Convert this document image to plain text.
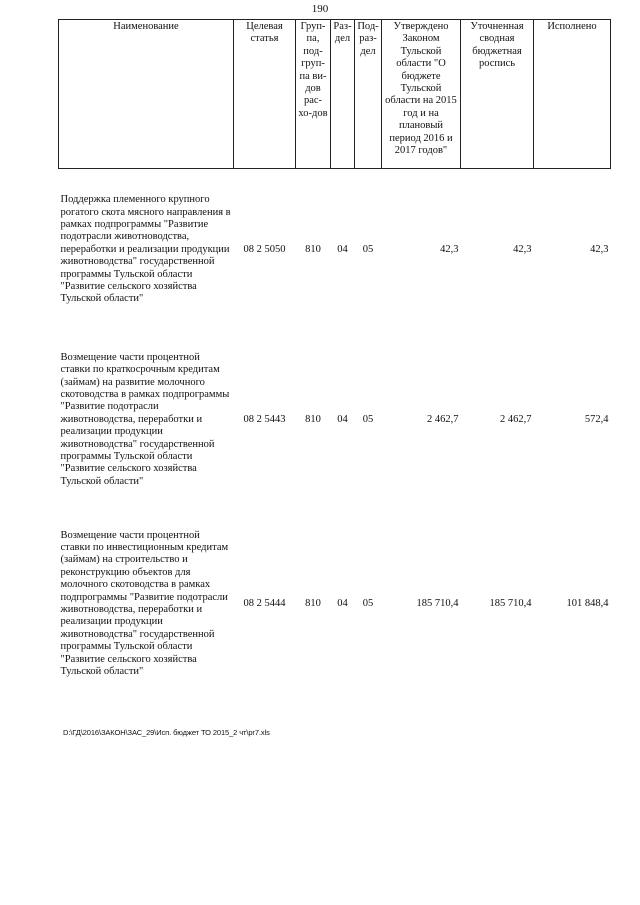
190
Наименование	Целевая статья	Груп-па, под-груп-па ви-дов рас-хо-дов	Раз-дел	Под-раз-дел	Утверждено Законом Тульской области "О бюджете Тульской области на 2015 год и на плановый период 2016 и 2017 годов"	Уточненная сводная бюджетная роспись	Исполнено
Поддержка племенного крупного рогатого скота мясного направления в рамках подпрограммы "Развитие подотрасли животноводства, переработки и реализации продукции животноводства" государственной программы Тульской области "Развитие сельского хозяйства Тульской области"	08 2 5050	810	04	05	42,3	42,3	42,3
Возмещение части процентной ставки по краткосрочным кредитам (займам) на развитие молочного скотоводства в рамках подпрограммы "Развитие подотрасли животноводства, переработки и реализации продукции животноводства" государственной программы Тульской области "Развитие сельского хозяйства Тульской области"	08 2 5443	810	04	05	2 462,7	2 462,7	572,4
Возмещение части процентной ставки по инвестиционным кредитам (займам) на строительство и реконструкцию объектов для молочного скотоводства в рамках подпрограммы "Развитие подотрасли животноводства, переработки и реализации продукции животноводства" государственной программы Тульской области "Развитие сельского хозяйства Тульской области"	08 2 5444	810	04	05	185 710,4	185 710,4	101 848,4
D:\ГД\2016\ЗАКОН\ЗАС_29\Исп. бюджет ТО 2015_2 чт\pr7.xls
